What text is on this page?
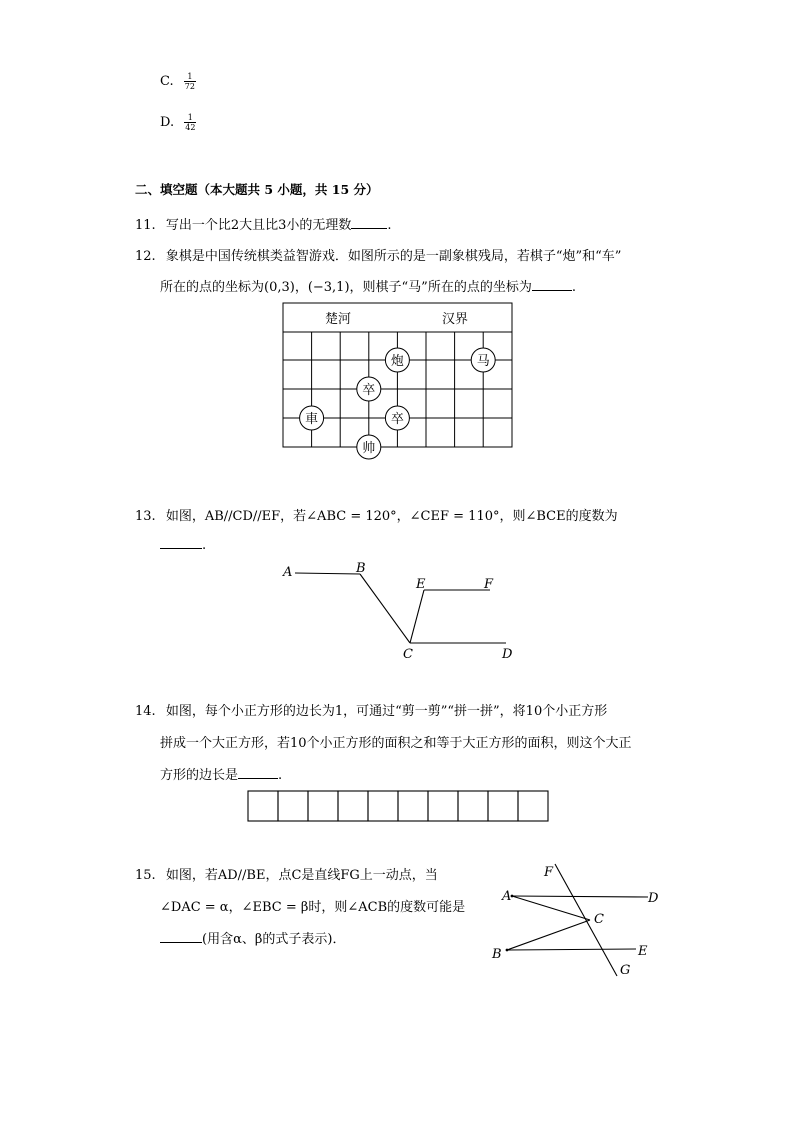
C. $\frac{1}{72}$
D. $\frac{1}{42}$
二、填空题（本大题共 5 小题，共 15 分）
11. 写出一个比2大且比3小的无理数	.
12. 象棋是中国传统棋类益智游戏．如图所示的是一副象棋残局，若棋子“炮”和“车”
所在的点的坐标为(0,3)，(−3,1)，则棋子“马”所在的点的坐标为	.
楚河	汉界
炮	马
卒
車	卒
帅
13. 如图，AB//CD//EF，若∠ABC = 120°，∠CEF = 110°，则∠BCE的度数为
.
A	B
E	F
C	D
14. 如图，每个小正方形的边长为1，可通过“剪一剪”“拼一拼”，将10个小正方形
拼成一个大正方形，若10个小正方形的面积之和等于大正方形的面积，则这个大正
方形的边长是	.
15. 如图，若AD//BE，点C是直线FG上一动点，当
∠DAC = α，∠EBC = β时，则∠ACB的度数可能是
(用含α、β的式子表示)．
F
A	D
C
B	E
G
